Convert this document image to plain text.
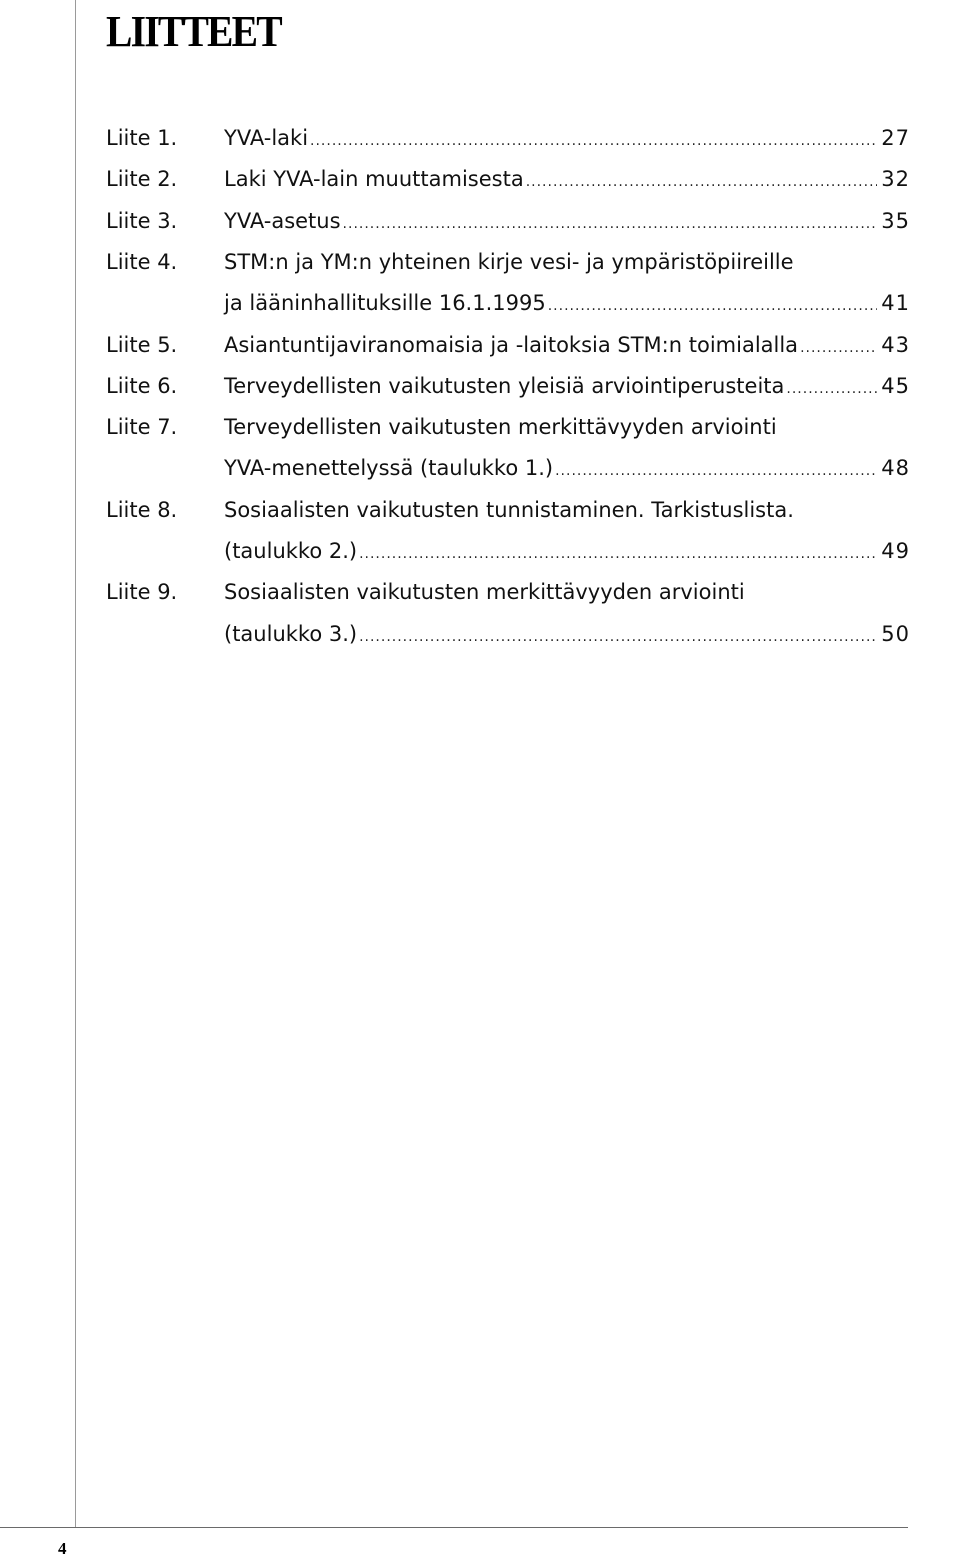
LIITTEET
Liite 1. YVA-laki .....	27
Liite 2. Laki YVA-lain muuttamisesta .....	32
Liite 3. YVA-asetus .....	35
Liite 4. STM:n ja YM:n yhteinen kirje vesi- ja ympäristöpiireille
ja lääninhallituksille 16.1.1995 .....	41
Liite 5. Asiantuntijaviranomaisia ja -laitoksia STM:n toimialalla .....	43
Liite 6. Terveydellisten vaikutusten yleisiä arviointiperusteita .....	45
Liite 7. Terveydellisten vaikutusten merkittävyyden arviointi
YVA-menettelyssä (taulukko 1.) .....	48
Liite 8. Sosiaalisten vaikutusten tunnistaminen. Tarkistuslista.
(taulukko 2.) .....	49
Liite 9. Sosiaalisten vaikutusten merkittävyyden arviointi
(taulukko 3.) .....	50
4
